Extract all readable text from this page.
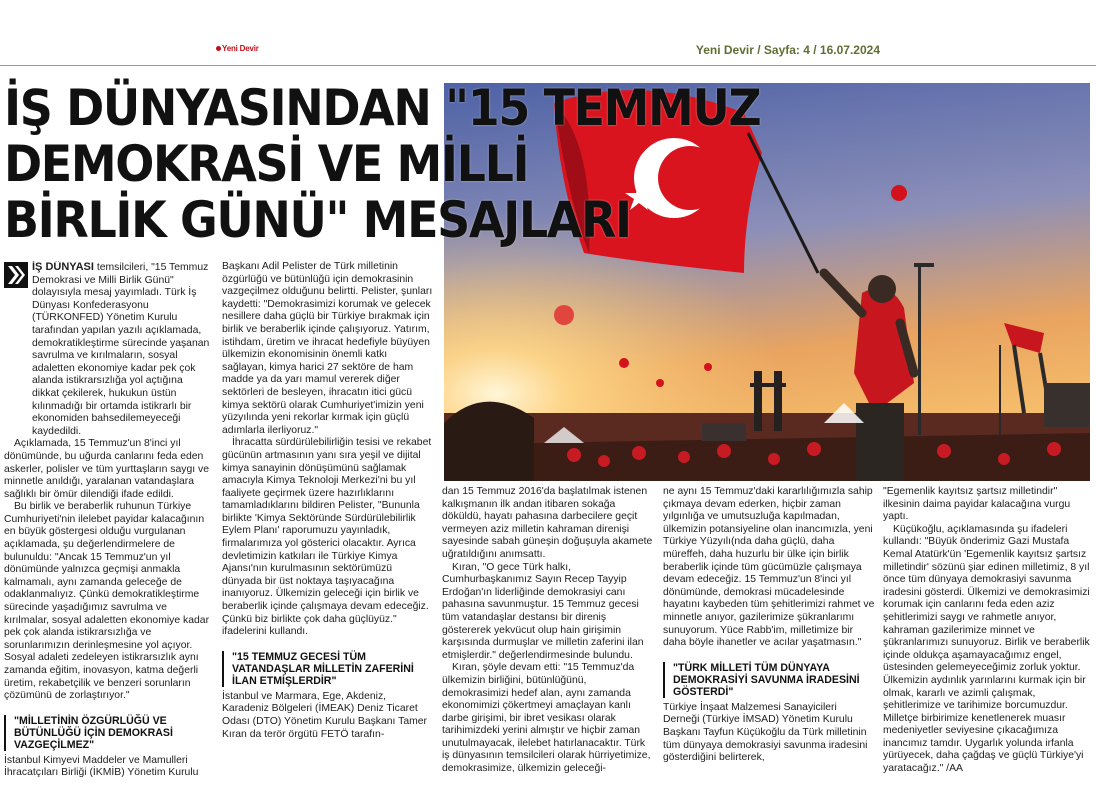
Yeni Devir	Yeni Devir / Sayfa: 4 / 16.07.2024
İŞ DÜNYASINDAN "15 TEMMUZ
DEMOKRASİ VE MİLLİ
BİRLİK GÜNÜ" MESAJLARI

İŞ DÜNYASI temsilcileri, "15 Temmuz Demokrasi ve Milli Birlik Günü" dolayısıyla mesaj yayımladı. Türk İş Dünyası Konfederasyonu (TÜRKONFED) Yönetim Kurulu tarafından yapılan yazılı açıklamada, demokratikleştirme sürecinde yaşanan savrulma ve kırılmaların, sosyal adaletten ekonomiye kadar pek çok alanda istikrarsızlığa yol açtığına dikkat çekilerek, hukukun üstün kılınmadığı bir ortamda istikrarlı bir ekonomiden bahsedilemeyeceği kaydedildi.

Açıklamada, 15 Temmuz'un 8'inci yıl dönümünde, bu uğurda canlarını feda eden askerler, polisler ve tüm yurttaşların saygı ve minnetle anıldığı, yaralanan vatandaşlara sağlıklı bir ömür dilendiği ifade edildi.

Bu birlik ve beraberlik ruhunun Türkiye Cumhuriyeti'nin ilelebet payidar kalacağının en büyük göstergesi olduğu vurgulanan açıklamada, şu değerlendirmelere de bulunuldu: "Ancak 15 Temmuz'un yıl dönümünde yalnızca geçmişi anmakla kalmamalı, aynı zamanda geleceğe de odaklanmalıyız. Çünkü demokratikleştirme sürecinde yaşadığımız savrulma ve kırılmalar, sosyal adaletten ekonomiye kadar pek çok alanda istikrarsızlığa ve sorunlarımızın derinleşmesine yol açıyor. Sosyal adaleti zedeleyen istikrarsızlık aynı zamanda eğitim, inovasyon, katma değerli üretim, rekabetçilik ve benzeri sorunların çözümünü de zorlaştırıyor."

"MİLLETİNİN ÖZGÜRLÜĞÜ VE BÜTÜNLÜĞÜ İÇİN DEMOKRASİ VAZGEÇİLMEZ"

İstanbul Kimyevi Maddeler ve Mamulleri İhracatçıları Birliği (İKMİB) Yönetim Kurulu

Başkanı Adil Pelister de Türk milletinin özgürlüğü ve bütünlüğü için demokrasinin vazgeçilmez olduğunu belirtti. Pelister, şunları kaydetti: "Demokrasimizi korumak ve gelecek nesillere daha güçlü bir Türkiye bırakmak için birlik ve beraberlik içinde çalışıyoruz. Yatırım, istihdam, üretim ve ihracat hedefiyle büyüyen ülkemizin ekonomisinin önemli katkı sağlayan, kimya harici 27 sektöre de ham madde ya da yarı mamul vererek diğer sektörleri de besleyen, ihracatın itici gücü kimya sektörü olarak Cumhuriyet'imizin yeni yüzyılında yeni rekorlar kırmak için güçlü adımlarla ilerliyoruz."

İhracatta sürdürülebilirliğin tesisi ve rekabet gücünün artmasının yanı sıra yeşil ve dijital kimya sanayinin dönüşümünü sağlamak amacıyla Kimya Teknoloji Merkezi'ni bu yıl faaliyete geçirmek üzere hazırlıklarını tamamladıklarını bildiren Pelister, "Bununla birlikte 'Kimya Sektöründe Sürdürülebilirlik Eylem Planı' raporumuzu yayınladık, firmalarımıza yol gösterici olacaktır. Ayrıca devletimizin katkıları ile Türkiye Kimya Ajansı'nın kurulmasının sektörümüzü dünyada bir üst noktaya taşıyacağına inanıyoruz. Ülkemizin geleceği için birlik ve beraberlik içinde çalışmaya devam edeceğiz. Çünkü biz birlikte çok daha güçlüyüz." ifadelerini kullandı.

"15 TEMMUZ GECESİ TÜM VATANDAŞLAR MİLLETİN ZAFERİNİ İLAN ETMİŞLERDİR"

İstanbul ve Marmara, Ege, Akdeniz, Karadeniz Bölgeleri (İMEAK) Deniz Ticaret Odası (DTO) Yönetim Kurulu Başkanı Tamer Kıran da terör örgütü FETÖ tarafın-

dan 15 Temmuz 2016'da başlatılmak istenen kalkışmanın ilk andan itibaren sokağa döküldü, hayatı pahasına darbecilere geçit vermeyen aziz milletin kahraman direnişi sayesinde sabah güneşin doğuşuyla akamete uğratıldığını anımsattı.

Kıran, "O gece Türk halkı, Cumhurbaşkanımız Sayın Recep Tayyip Erdoğan'ın liderliğinde demokrasiyi canı pahasına savunmuştur. 15 Temmuz gecesi tüm vatandaşlar destansı bir direniş göstererek yekvücut olup hain girişimin karşısında durmuşlar ve milletin zaferini ilan etmişlerdir." değerlendirmesinde bulundu.

Kıran, şöyle devam etti: "15 Temmuz'da ülkemizin birliğini, bütünlüğünü, demokrasimizi hedef alan, aynı zamanda ekonomimizi çökertmeyi amaçlayan kanlı darbe girişimi, bir ibret vesikası olarak tarihimizdeki yerini almıştır ve hiçbir zaman unutulmayacak, ilelebet hatırlanacaktır. Türk iş dünyasının temsilcileri olarak hürriyetimize, demokrasimize, ülkemizin geleceği-

ne aynı 15 Temmuz'daki kararlılığımızla sahip çıkmaya devam ederken, hiçbir zaman yılgınlığa ve umutsuzluğa kapılmadan, ülkemizin potansiyeline olan inancımızla, yeni Türkiye Yüzyılı(nda daha güçlü, daha müreffeh, daha huzurlu bir ülke için birlik beraberlik içinde tüm gücümüzle çalışmaya devam edeceğiz. 15 Temmuz'un 8'inci yıl dönümünde, demokrasi mücadelesinde hayatını kaybeden tüm şehitlerimizi rahmet ve minnetle anıyor, gazilerimize şükranlarımı sunuyorum. Yüce Rabb'im, milletimize bir daha böyle ihanetler ve acılar yaşatmasın."

"TÜRK MİLLETİ TÜM DÜNYAYA DEMOKRASİYİ SAVUNMA İRADESİNİ GÖSTERDİ"

Türkiye İnşaat Malzemesi Sanayicileri Derneği (Türkiye İMSAD) Yönetim Kurulu Başkanı Tayfun Küçükoğlu da Türk milletinin tüm dünyaya demokrasiyi savunma iradesini gösterdiğini belirterek,

"Egemenlik kayıtsız şartsız milletindir" ilkesinin daima payidar kalacağına vurgu yaptı.

Küçükoğlu, açıklamasında şu ifadeleri kullandı: "Büyük önderimiz Gazi Mustafa Kemal Atatürk'ün 'Egemenlik kayıtsız şartsız milletindir' sözünü şiar edinen milletimiz, 8 yıl önce tüm dünyaya demokrasiyi savunma iradesini gösterdi. Ülkemizi ve demokrasimizi korumak için canlarını feda eden aziz şehitlerimizi saygı ve rahmetle anıyor, kahraman gazilerimize minnet ve şükranlarımızı sunuyoruz. Birlik ve beraberlik içinde oldukça aşamayacağımız engel, üstesinden gelemeyeceğimiz zorluk yoktur. Ülkemizin aydınlık yarınlarını kurmak için bir olmak, kararlı ve azimli çalışmak, şehitlerimize ve tarihimize borcumuzdur. Milletçe birbirimize kenetlenerek muasır medeniyetler seviyesine çıkacağımıza inancımız tamdır. Uygarlık yolunda irfanla yürüyecek, daha çağdaş ve güçlü Türkiye'yi yaratacağız." /AA
